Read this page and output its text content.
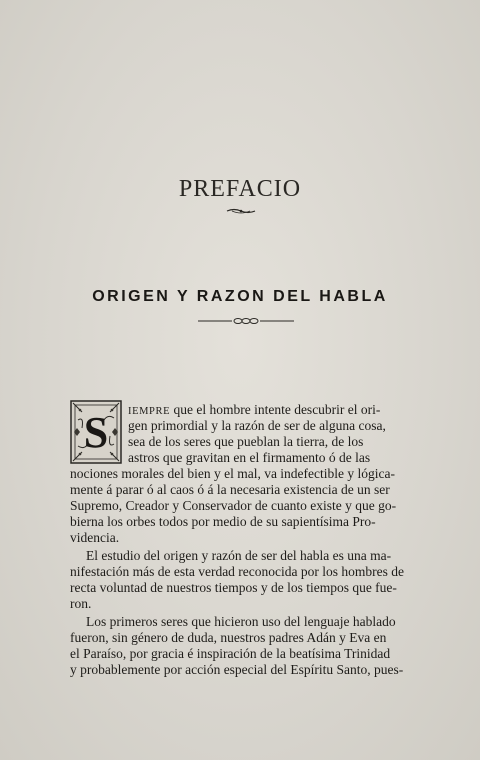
PREFACIO
ORIGEN Y RAZON DEL HABLA
S IEMPRE que el hombre intente descubrir el ori-
gen primordial y la razón de ser de alguna cosa,
sea de los seres que pueblan la tierra, de los
astros que gravitan en el firmamento ó de las
nociones morales del bien y el mal, va indefectible y lógica-
mente á parar ó al caos ó á la necesaria existencia de un ser
Supremo, Creador y Conservador de cuanto existe y que go-
bierna los orbes todos por medio de su sapientísima Pro-
videncia.
El estudio del origen y razón de ser del habla es una ma-
nifestación más de esta verdad reconocida por los hombres de
recta voluntad de nuestros tiempos y de los tiempos que fue-
ron.
Los primeros seres que hicieron uso del lenguaje hablado
fueron, sin género de duda, nuestros padres Adán y Eva en
el Paraíso, por gracia é inspiración de la beatísima Trinidad
y probablemente por acción especial del Espíritu Santo, pues-
